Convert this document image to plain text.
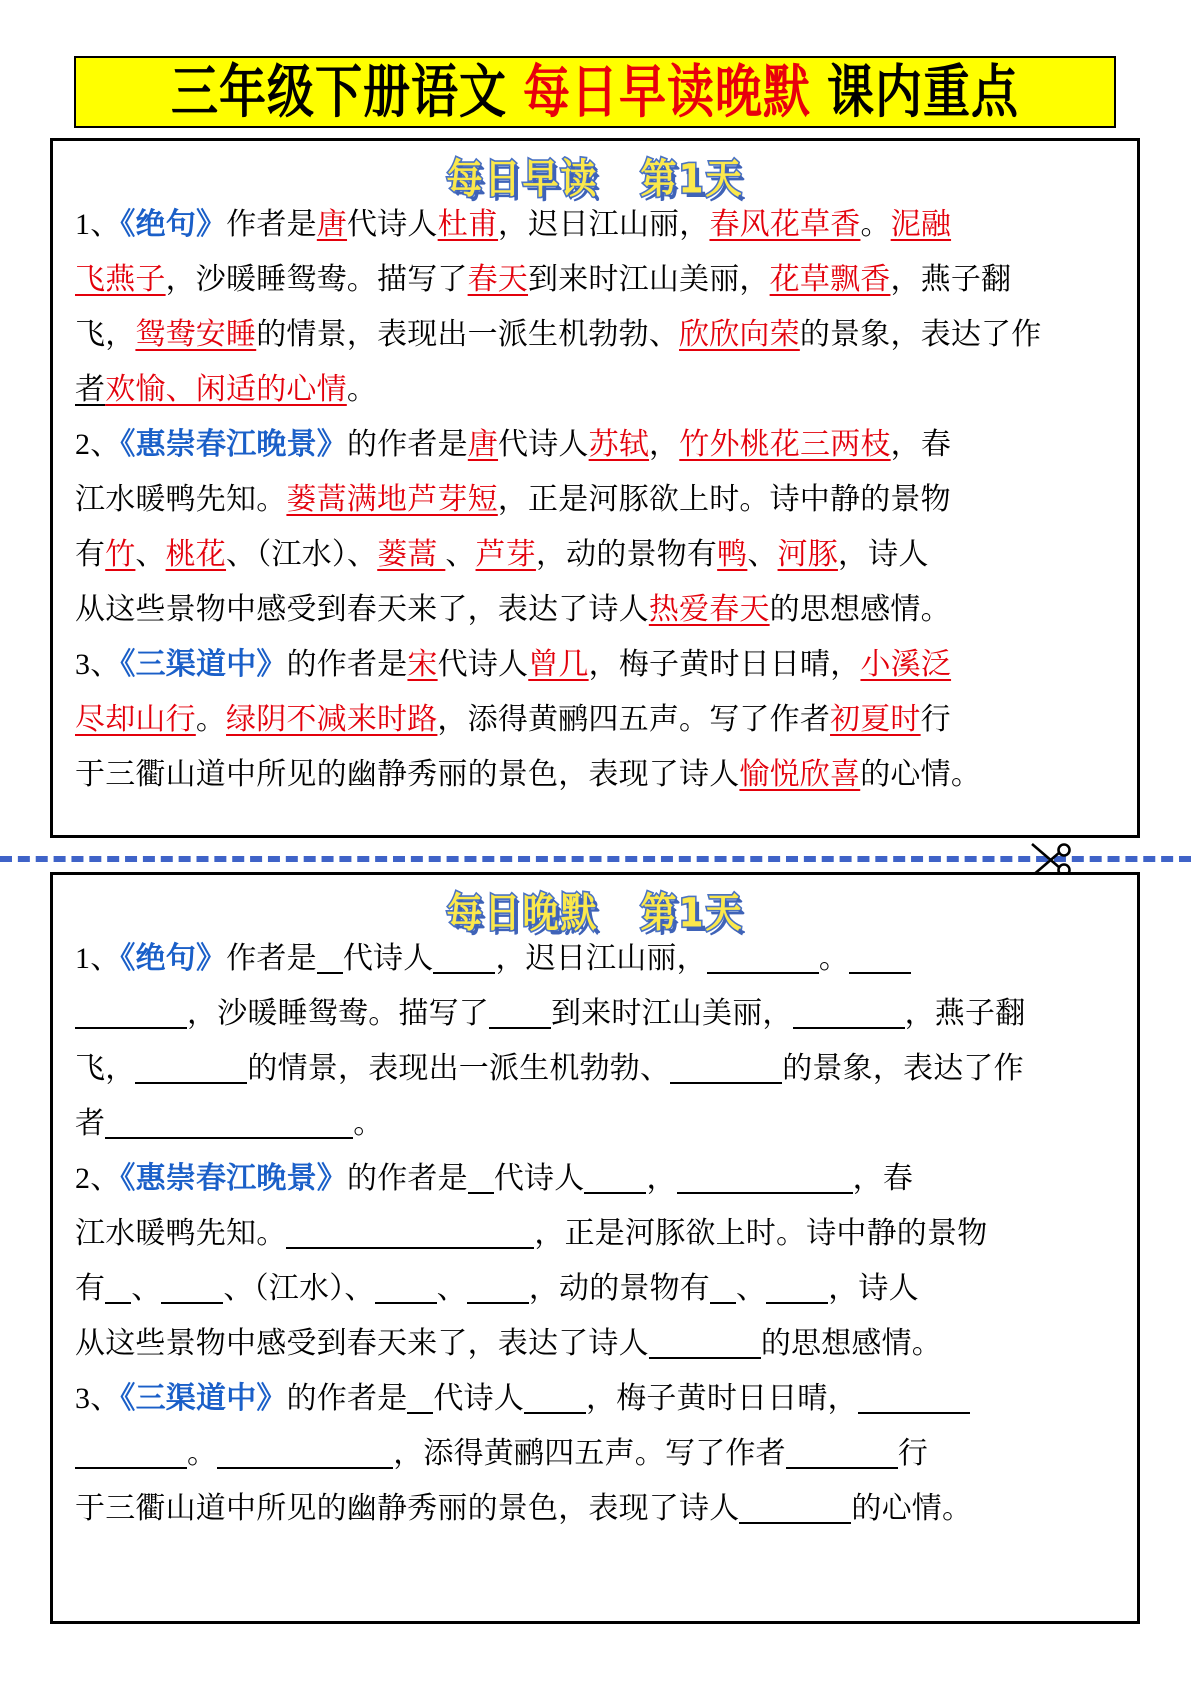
三年级下册语文 每日早读晚默 课内重点
每日早读 第1天
1、《绝句》作者是唐代诗人杜甫，迟日江山丽，春风花草香。泥融
飞燕子，沙暖睡鸳鸯。描写了春天到来时江山美丽，花草飘香，燕子翻
飞，鸳鸯安睡的情景，表现出一派生机勃勃、欣欣向荣的景象，表达了作
者欢愉、闲适的心情。
2、《惠崇春江晚景》的作者是唐代诗人苏轼，竹外桃花三两枝，春
江水暖鸭先知。蒌蒿满地芦芽短，正是河豚欲上时。诗中静的景物
有竹、桃花、（江水）、蒌蒿 、芦芽，动的景物有鸭、河豚，诗人
从这些景物中感受到春天来了，表达了诗人热爱春天的思想感情。
3、《三渠道中》的作者是宋代诗人曾几，梅子黄时日日晴，小溪泛
尽却山行。绿阴不减来时路，添得黄鹂四五声。写了作者初夏时行
于三衢山道中所见的幽静秀丽的景色，表现了诗人愉悦欣喜的心情。
每日晚默 第1天
1、《绝句》作者是 代诗人 ，迟日江山丽，	。
，沙暖睡鸳鸯。描写了 到来时江山美丽，	，燕子翻
飞，	的情景，表现出一派生机勃勃、	的景象，表达了作
者	。
2、《惠崇春江晚景》的作者是 代诗人 ，	，春
江水暖鸭先知。	，正是河豚欲上时。诗中静的景物
有 、 、（江水）、 、 ，动的景物有 、 ，诗人
从这些景物中感受到春天来了，表达了诗人	的思想感情。
3、《三渠道中》的作者是 代诗人 ，梅子黄时日日晴，
。	，添得黄鹂四五声。写了作者	行
于三衢山道中所见的幽静秀丽的景色，表现了诗人	的心情。
